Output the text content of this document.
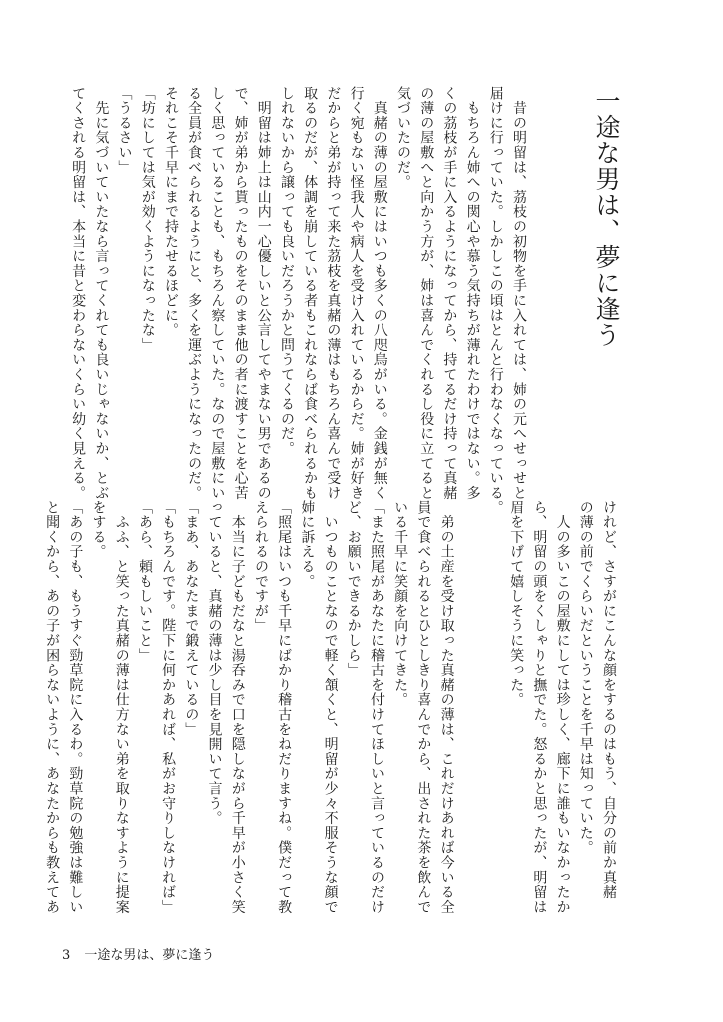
一途な男は、夢に逢う

　昔の明留は、茘枝の初物を手に入れては、姉の元へせっせと

届けに行っていた。しかしこの頃はとんと行わなくなっている。

　もちろん姉への関心や慕う気持ちが薄れたわけではない。多

くの茘枝が手に入るようになってから、持てるだけ持って真赭

の薄の屋敷へと向かう方が、姉は喜んでくれるし役に立てると

気づいたのだ。

　真赭の薄の屋敷にはいつも多くの八咫烏がいる。金銭が無く

行く宛もない怪我人や病人を受け入れているからだ。姉が好き

だからと弟が持って来た茘枝を真赭の薄はもちろん喜んで受け

取るのだが、体調を崩している者もこれならば食べられるかも

しれないから譲っても良いだろうかと問うてくるのだ。

　明留は姉上は山内一心優しいと公言してやまない男であるの

で、姉が弟から貰ったものをそのまま他の者に渡すことを心苦

しく思っていることも、もちろん察していた。なので屋敷にい

る全員が食べられるようにと、多くを運ぶようになったのだ。

それこそ千早にまで持たせるほどに。

「坊にしては気が効くようになったな」

「うるさい」

　先に気づいていたなら言ってくれても良いじゃないか、とぶ

てくされる明留は、本当に昔と変わらないくらい幼く見える。

けれど、さすがにこんな顔をするのはもう、自分の前か真赭

の薄の前でくらいだということを千早は知っていた。

　人の多いこの屋敷にしては珍しく、廊下に誰もいなかったか

ら、明留の頭をくしゃりと撫でた。怒るかと思ったが、明留は

眉を下げて嬉しそうに笑った。

　弟の土産を受け取った真赭の薄は、これだけあれば今いる全

員で食べられるとひとしきり喜んでから、出された茶を飲んで

いる千早に笑顔を向けてきた。

「また照尾があなたに稽古を付けてほしいと言っているのだけ

ど、お願いできるかしら」

　いつものことなので軽く頷くと、明留が少々不服そうな顔で

姉に訴える。

「照尾はいつも千早にばかり稽古をねだりますね。僕だって教

えられるのですが」

　本当に子どもだなと湯呑みで口を隠しながら千早が小さく笑

っていると、真赭の薄は少し目を見開いて言う。

「まあ、あなたまで鍛えているの」

「もちろんです。陛下に何かあれば、私がお守りしなければ」

「あら、頼もしいこと」

　ふふ、と笑った真赭の薄は仕方ない弟を取りなすように提案

をする。

「あの子も、もうすぐ勁草院に入るわ。勁草院の勉強は難しい

と聞くから、あの子が困らないように、あなたからも教えてあ

3 一途な男は、夢に逢う
